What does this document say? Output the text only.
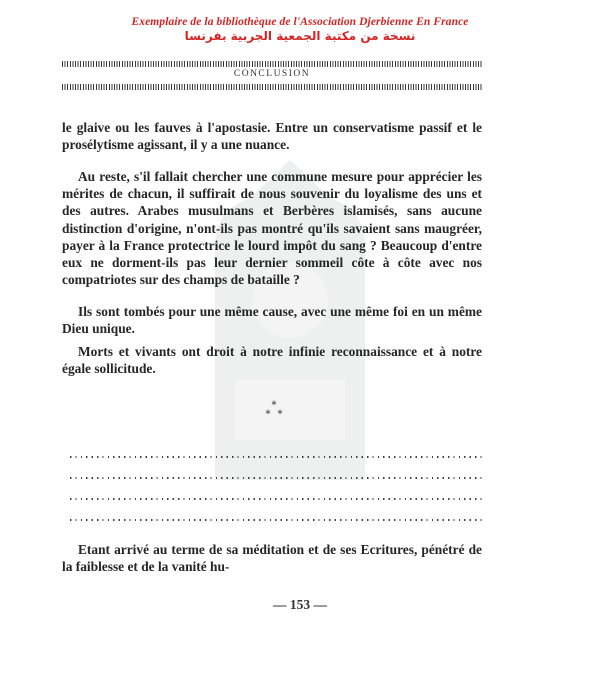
Exemplaire de la bibliothèque de l'Association Djerbienne En France
نسخة من مكتبة الجمعية الجربية بفرنسا
CONCLUSION

le glaive ou les fauves à l'apostasie. Entre un conservatisme passif et le prosélytisme agissant, il y a une nuance.

Au reste, s'il fallait chercher une commune mesure pour apprécier les mérites de chacun, il suffirait de nous souvenir du loyalisme des uns et des autres. Arabes musulmans et Berbères islamisés, sans aucune distinction d'origine, n'ont-ils pas montré qu'ils savaient sans maugréer, payer à la France protectrice le lourd impôt du sang ? Beaucoup d'entre eux ne dorment-ils pas leur dernier sommeil côte à côte avec nos compatriotes sur des champs de bataille ?

Ils sont tombés pour une même cause, avec une même foi en un même Dieu unique.

Morts et vivants ont droit à notre infinie reconnaissance et à notre égale sollicitude.

*
* *

Etant arrivé au terme de sa méditation et de ses Ecritures, pénétré de la faiblesse et de la vanité hu-

— 153 —
